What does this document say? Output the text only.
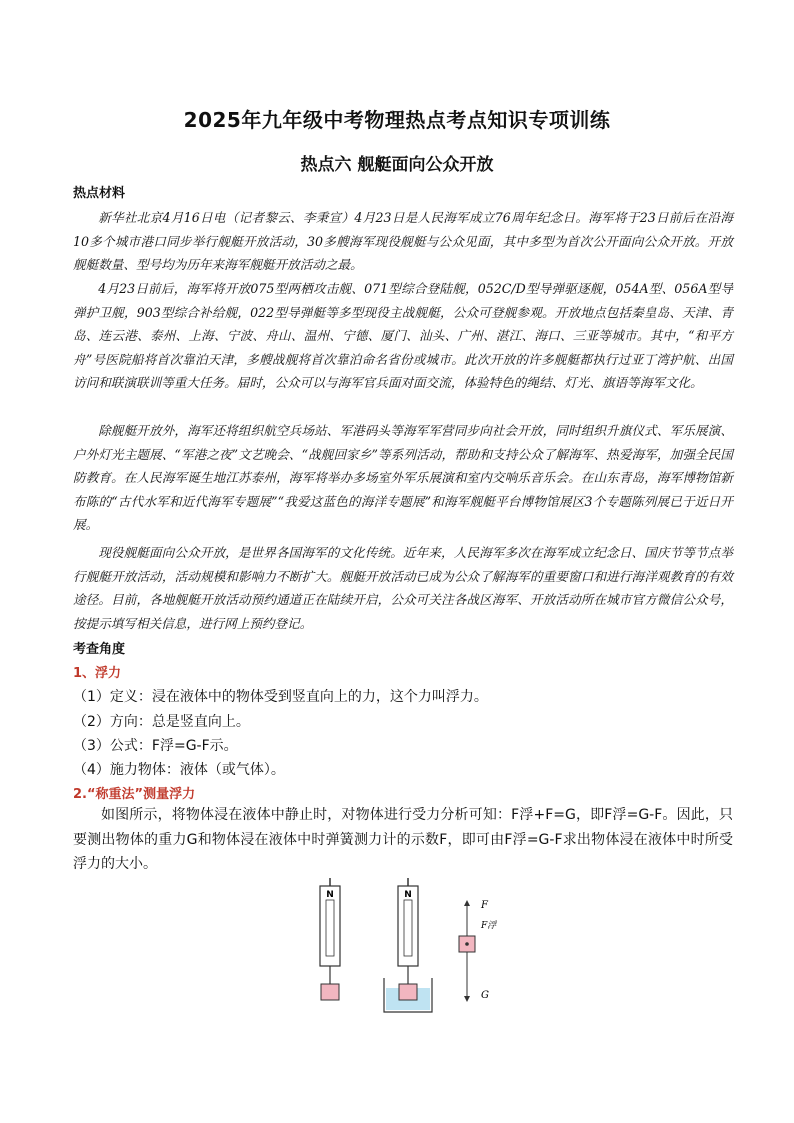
2025年九年级中考物理热点考点知识专项训练
热点六 舰艇面向公众开放
热点材料

新华社北京4月16日电（记者黎云、李秉宣）4月23日是人民海军成立76周年纪念日。海军将于23日前后在沿海10多个城市港口同步举行舰艇开放活动，30多艘海军现役舰艇与公众见面，其中多型为首次公开面向公众开放。开放舰艇数量、型号均为历年来海军舰艇开放活动之最。

4月23日前后，海军将开放075型两栖攻击舰、071型综合登陆舰，052C/D型导弹驱逐舰，054A型、056A型导弹护卫舰，903型综合补给舰，022型导弹艇等多型现役主战舰艇，公众可登舰参观。开放地点包括秦皇岛、天津、青岛、连云港、泰州、上海、宁波、舟山、温州、宁德、厦门、汕头、广州、湛江、海口、三亚等城市。其中，“和平方舟”号医院船将首次靠泊天津，多艘战舰将首次靠泊命名省份或城市。此次开放的许多舰艇都执行过亚丁湾护航、出国访问和联演联训等重大任务。届时，公众可以与海军官兵面对面交流，体验特色的绳结、灯光、旗语等海军文化。

除舰艇开放外，海军还将组织航空兵场站、军港码头等海军军营同步向社会开放，同时组织升旗仪式、军乐展演、户外灯光主题展、“军港之夜”文艺晚会、“战舰回家乡”等系列活动，帮助和支持公众了解海军、热爱海军，加强全民国防教育。在人民海军诞生地江苏泰州，海军将举办多场室外军乐展演和室内交响乐音乐会。在山东青岛，海军博物馆新布陈的“古代水军和近代海军专题展”“我爱这蓝色的海洋专题展”和海军舰艇平台博物馆展区3个专题陈列展已于近日开展。

现役舰艇面向公众开放，是世界各国海军的文化传统。近年来，人民海军多次在海军成立纪念日、国庆节等节点举行舰艇开放活动，活动规模和影响力不断扩大。舰艇开放活动已成为公众了解海军的重要窗口和进行海洋观教育的有效途径。目前，各地舰艇开放活动预约通道正在陆续开启，公众可关注各战区海军、开放活动所在城市官方微信公众号，按提示填写相关信息，进行网上预约登记。

考查角度
1、浮力
（1）定义：浸在液体中的物体受到竖直向上的力，这个力叫浮力。
（2）方向：总是竖直向上。
（3）公式：F浮=G-F示。
（4）施力物体：液体（或气体）。
2.“称重法”测量浮力

如图所示，将物体浸在液体中静止时，对物体进行受力分析可知：F浮+F=G，即F浮=G-F。因此，只要测出物体的重力G和物体浸在液体中时弹簧测力计的示数F，即可由F浮=G-F求出物体浸在液体中时所受浮力的大小。

N	N
F
F浮
G
